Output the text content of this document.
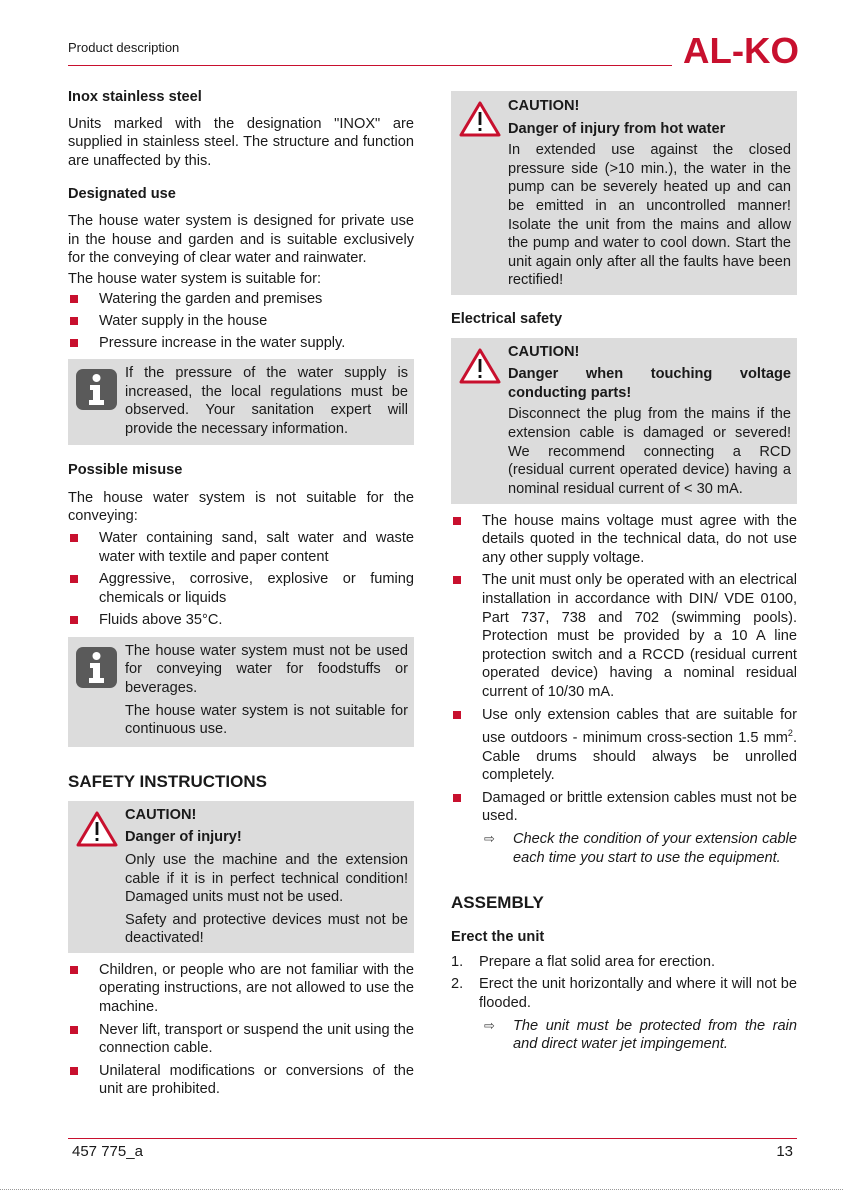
Product description	AL-KO
Inox stainless steel
Units marked with the designation "INOX" are supplied in stainless steel. The structure and function are unaffected by this.
Designated use
The house water system is designed for private use in the house and garden and is suitable exclusively for the conveying of clear water and rainwater.
The house water system is suitable for:
Watering the garden and premises
Water supply in the house
Pressure increase in the water supply.
If the pressure of the water supply is increased, the local regulations must be observed. Your sanitation expert will provide the necessary information.
Possible misuse
The house water system is not suitable for the conveying:
Water containing sand, salt water and waste water with textile and paper content
Aggressive, corrosive, explosive or fuming chemicals or liquids
Fluids above 35°C.
The house water system must not be used for conveying water for foodstuffs or beverages.
The house water system is not suitable for continuous use.
SAFETY INSTRUCTIONS
CAUTION!
Danger of injury!
Only use the machine and the extension cable if it is in perfect technical condition! Damaged units must not be used.
Safety and protective devices must not be deactivated!
Children, or people who are not familiar with the operating instructions, are not allowed to use the machine.
Never lift, transport or suspend the unit using the connection cable.
Unilateral modifications or conversions of the unit are prohibited.
CAUTION!
Danger of injury from hot water
In extended use against the closed pressure side (>10 min.), the water in the pump can be severely heated up and can be emitted in an uncontrolled manner! Isolate the unit from the mains and allow the pump and water to cool down. Start the unit again only after all the faults have been rectified!
Electrical safety
CAUTION!
Danger when touching voltage conducting parts!
Disconnect the plug from the mains if the extension cable is damaged or severed! We recommend connecting a RCD (residual current operated device) having a nominal residual current of < 30 mA.
The house mains voltage must agree with the details quoted in the technical data, do not use any other supply voltage.
The unit must only be operated with an electrical installation in accordance with DIN/ VDE 0100, Part 737, 738 and 702 (swimming pools). Protection must be provided by a 10 A line protection switch and a RCCD (residual current operated device) having a nominal residual current of 10/30 mA.
Use only extension cables that are suitable for use outdoors - minimum cross-section 1.5 $mm^2$. Cable drums should always be unrolled completely.
Damaged or brittle extension cables must not be used.
⇨ Check the condition of your extension cable each time you start to use the equipment.
ASSEMBLY
Erect the unit
1. Prepare a flat solid area for erection.
2. Erect the unit horizontally and where it will not be flooded.
⇨ The unit must be protected from the rain and direct water jet impingement.
457 775_a	13
